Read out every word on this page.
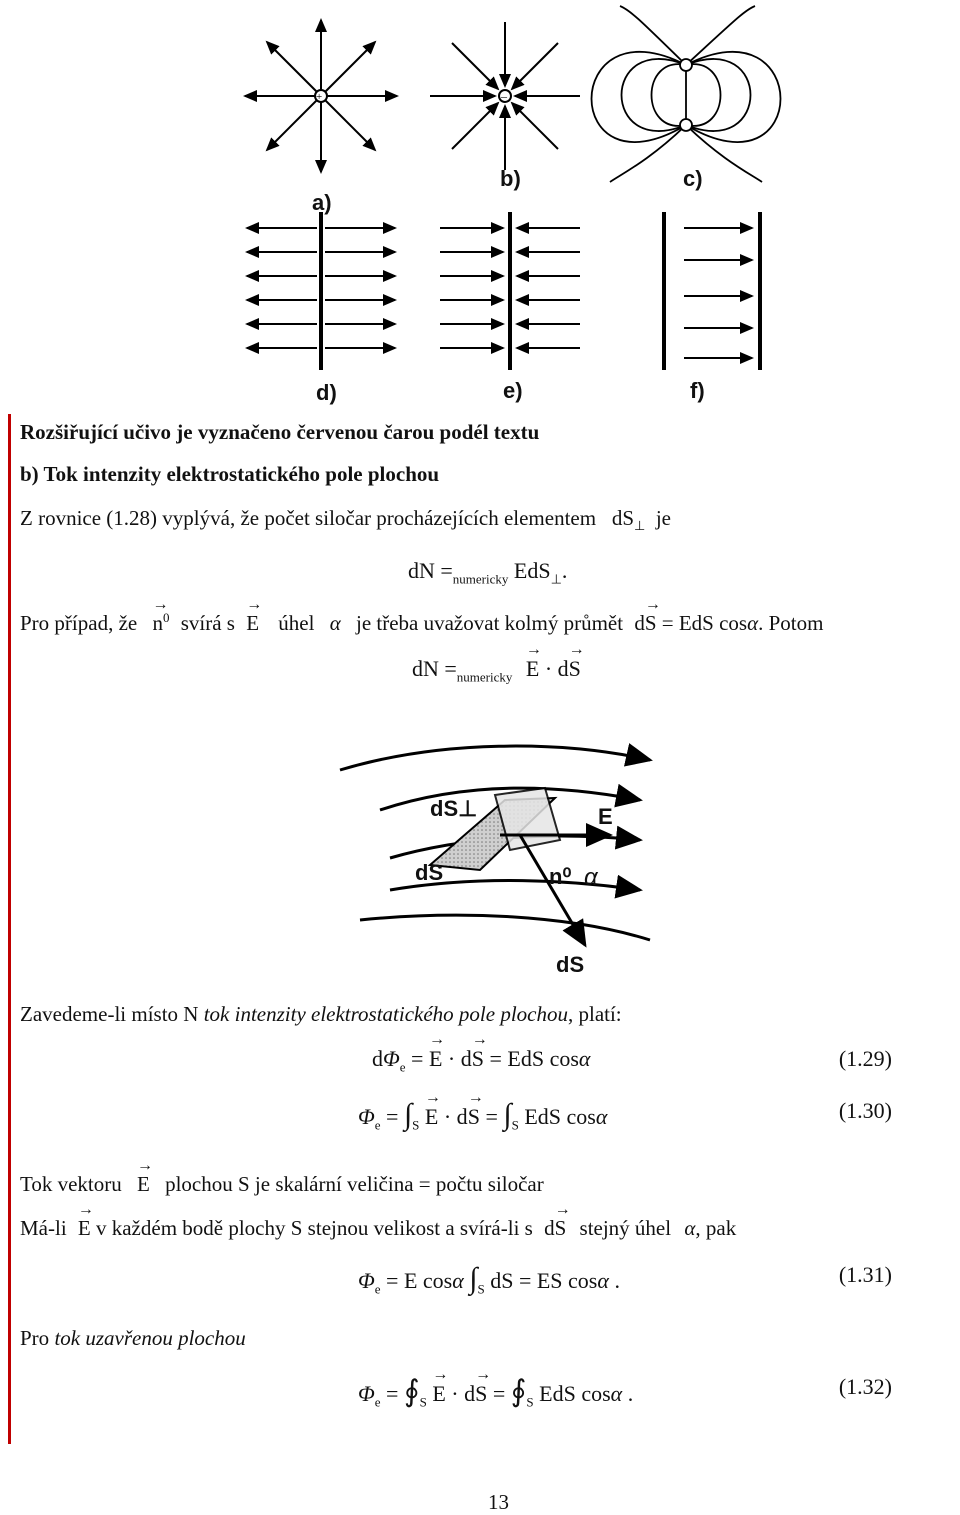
+	–
a)
b)	c)
d)	e)	f)
Rozšiřující učivo je vyznačeno červenou čarou podél textu
b) Tok intenzity elektrostatického pole plochou
Z rovnice (1.28) vyplývá, že počet siločar procházejících elementem $dS_\perp$ je
dN $=_{numericky}$ EdS$_\perp$.
Pro případ, že → $n^0$ svírá s → E úhel α je třeba uvažovat kolmý průmět d→ S = EdS cosα. Potom
dN $=_{numericky} \to E \cdot d\to S$
dS⊥
dS
E
n⁰ α
dS
Zavedeme-li místo N tok intenzity elektrostatického pole plochou, platí:
$d\Phi_e$ = → E · d→ S = EdS cosα	(1.29)
$\Phi_e = \int_S \to E \cdot d\to S = \int_S$ EdS cosα	(1.30)
Tok vektoru → E plochou S je skalární veličina = počtu siločar
Má-li → E v každém bodě plochy S stejnou velikost a svírá-li s d→ S stejný úhel α, pak
$\Phi_e = E$ cosα $\int_S$ dS = ES cosα .	(1.31)
Pro tok uzavřenou plochou
$\Phi_e$ = $∮_S \to E \cdot d\to S$ = $∮_S$ EdS cosα .	(1.32)
13
